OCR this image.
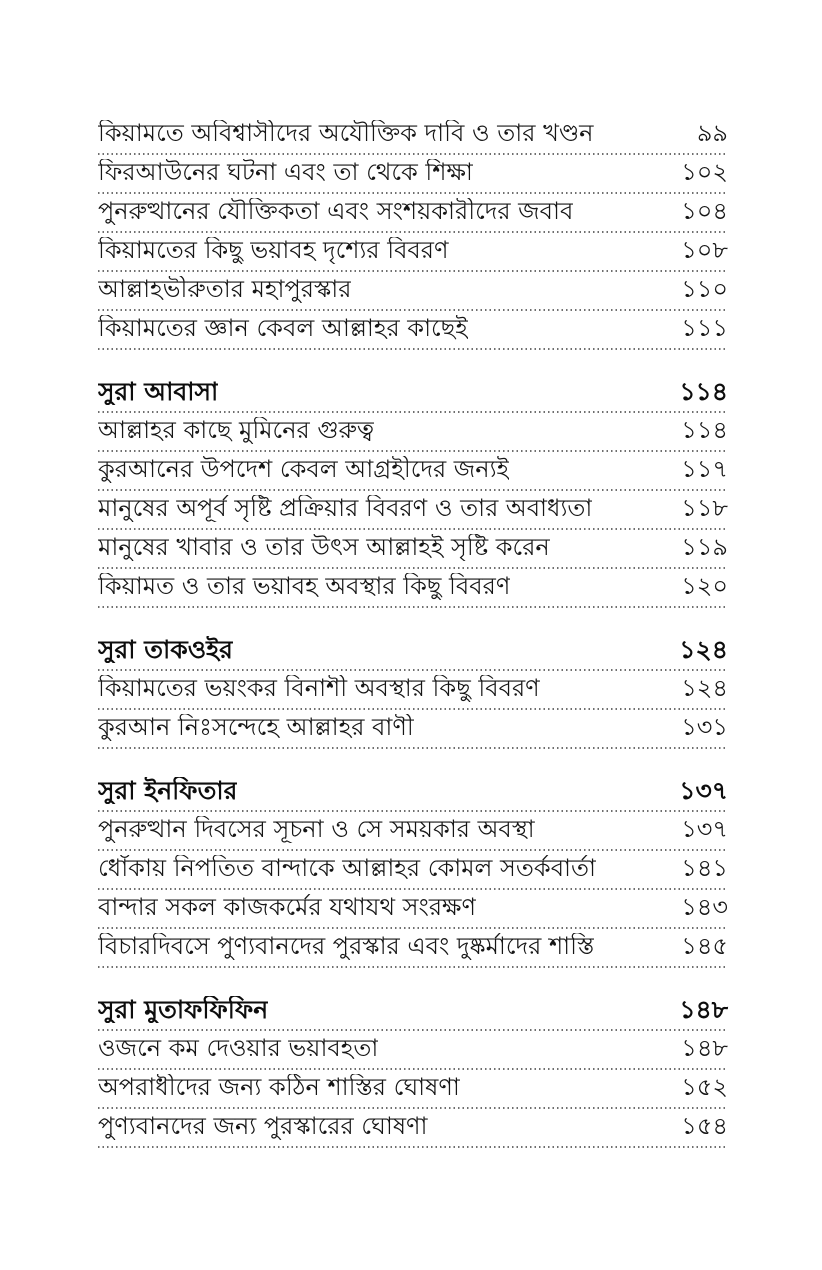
কিয়ামতে অবিশ্বাসীদের অযৌক্তিক দাবি ও তার খণ্ডন	৯৯
ফিরআউনের ঘটনা এবং তা থেকে শিক্ষা	১০২
পুনরুত্থানের যৌক্তিকতা এবং সংশয়কারীদের জবাব	১০৪
কিয়ামতের কিছু ভয়াবহ দৃশ্যের বিবরণ	১০৮
আল্লাহভীরুতার মহাপুরস্কার	১১০
কিয়ামতের জ্ঞান কেবল আল্লাহর কাছেই	১১১
সুরা আবাসা	১১৪
আল্লাহর কাছে মুমিনের গুরুত্ব	১১৪
কুরআনের উপদেশ কেবল আগ্রহীদের জন্যই	১১৭
মানুষের অপূর্ব সৃষ্টি প্রক্রিয়ার বিবরণ ও তার অবাধ্যতা	১১৮
মানুষের খাবার ও তার উৎস আল্লাহই সৃষ্টি করেন	১১৯
কিয়ামত ও তার ভয়াবহ অবস্থার কিছু বিবরণ	১২০
সুরা তাকওইর	১২৪
কিয়ামতের ভয়ংকর বিনাশী অবস্থার কিছু বিবরণ	১২৪
কুরআন নিঃসন্দেহে আল্লাহর বাণী	১৩১
সুরা ইনফিতার	১৩৭
পুনরুত্থান দিবসের সূচনা ও সে সময়কার অবস্থা	১৩৭
ধোঁকায় নিপতিত বান্দাকে আল্লাহর কোমল সতর্কবার্তা	১৪১
বান্দার সকল কাজকর্মের যথাযথ সংরক্ষণ	১৪৩
বিচারদিবসে পুণ্যবানদের পুরস্কার এবং দুষ্কর্মাদের শাস্তি	১৪৫
সুরা মুতাফফিফিন	১৪৮
ওজনে কম দেওয়ার ভয়াবহতা	১৪৮
অপরাধীদের জন্য কঠিন শাস্তির ঘোষণা	১৫২
পুণ্যবানদের জন্য পুরস্কারের ঘোষণা	১৫৪
